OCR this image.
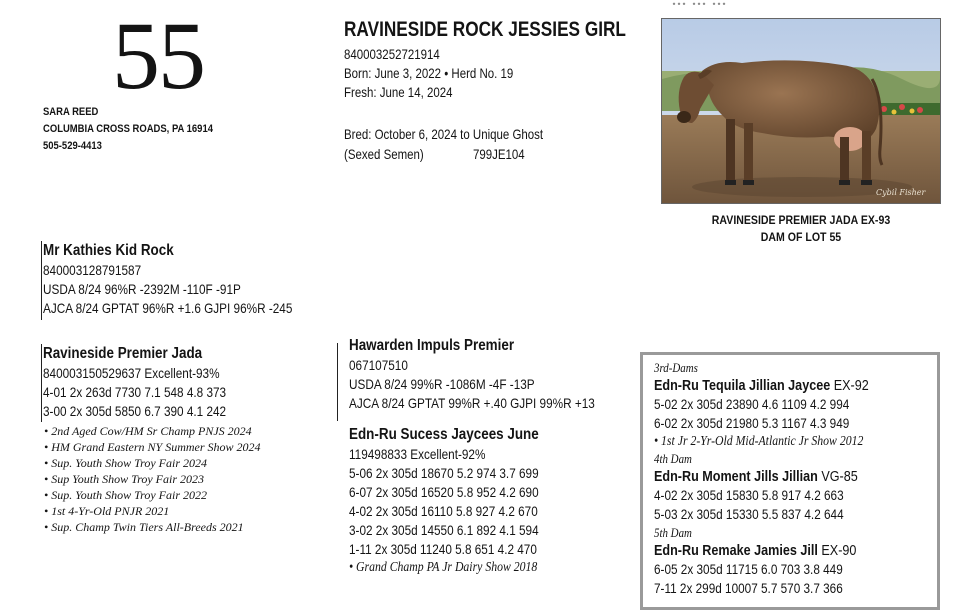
55
SARA REED
COLUMBIA CROSS ROADS, PA 16914
505-529-4413
RAVINESIDE ROCK JESSIES GIRL
840003252721914
Born: June 3, 2022 • Herd No. 19
Fresh: June 14, 2024
Bred: October 6, 2024 to Unique Ghost
(Sexed Semen)	799JE104
Cybil Fisher
RAVINESIDE PREMIER JADA EX-93
DAM OF LOT 55
Mr Kathies Kid Rock
840003128791587
USDA 8/24 96%R -2392M -110F -91P
AJCA 8/24 GPTAT 96%R +1.6 GJPI 96%R -245
Ravineside Premier Jada
840003150529637 Excellent-93%
4-01 2x 263d 7730 7.1 548 4.8 373
3-00 2x 305d 5850 6.7 390 4.1 242
• 2nd Aged Cow/HM Sr Champ PNJS 2024
• HM Grand Eastern NY Summer Show 2024
• Sup. Youth Show Troy Fair 2024
• Sup Youth Show Troy Fair 2023
• Sup. Youth Show Troy Fair 2022
• 1st 4-Yr-Old PNJR 2021
• Sup. Champ Twin Tiers All-Breeds 2021
Hawarden Impuls Premier
067107510
USDA 8/24 99%R -1086M -4F -13P
AJCA 8/24 GPTAT 99%R +.40 GJPI 99%R +13
Edn-Ru Sucess Jaycees June
119498833 Excellent-92%
5-06 2x 305d 18670 5.2 974 3.7 699
6-07 2x 305d 16520 5.8 952 4.2 690
4-02 2x 305d 16110 5.8 927 4.2 670
3-02 2x 305d 14550 6.1 892 4.1 594
1-11 2x 305d 11240 5.8 651 4.2 470
• Grand Champ PA Jr Dairy Show 2018
3rd-Dams
Edn-Ru Tequila Jillian Jaycee EX-92
5-02 2x 305d 23890 4.6 1109 4.2 994
6-02 2x 305d 21980 5.3 1167 4.3 949
• 1st Jr 2-Yr-Old Mid-Atlantic Jr Show 2012
4th Dam
Edn-Ru Moment Jills Jillian VG-85
4-02 2x 305d 15830 5.8 917 4.2 663
5-03 2x 305d 15330 5.5 837 4.2 644
5th Dam
Edn-Ru Remake Jamies Jill EX-90
6-05 2x 305d 11715 6.0 703 3.8 449
7-11 2x 299d 10007 5.7 570 3.7 366
